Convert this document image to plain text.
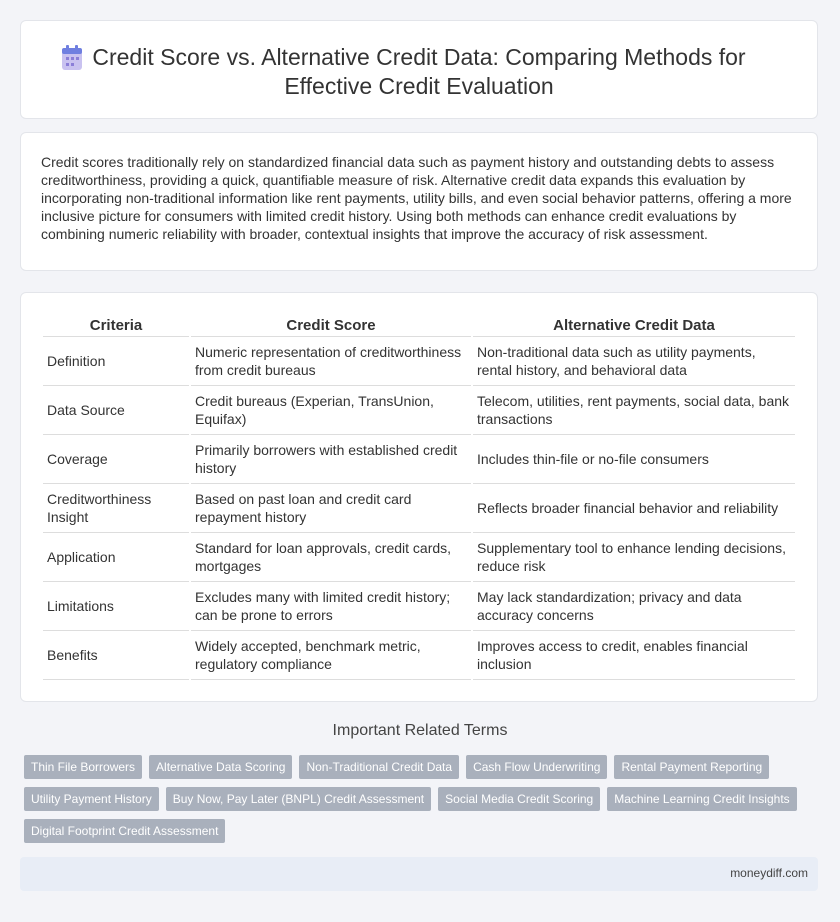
Credit Score vs. Alternative Credit Data: Comparing Methods for
Effective Credit Evaluation

Credit scores traditionally rely on standardized financial data such as payment history and outstanding debts to assess creditworthiness, providing a quick, quantifiable measure of risk. Alternative credit data expands this evaluation by incorporating non-traditional information like rent payments, utility bills, and even social behavior patterns, offering a more inclusive picture for consumers with limited credit history. Using both methods can enhance credit evaluations by combining numeric reliability with broader, contextual insights that improve the accuracy of risk assessment.

Criteria	Credit Score	Alternative Credit Data
Definition	Numeric representation of creditworthiness from credit bureaus	Non-traditional data such as utility payments, rental history, and behavioral data
Data Source	Credit bureaus (Experian, TransUnion, Equifax)	Telecom, utilities, rent payments, social data, bank transactions
Coverage	Primarily borrowers with established credit history	Includes thin-file or no-file consumers
Creditworthiness Insight	Based on past loan and credit card repayment history	Reflects broader financial behavior and reliability
Application	Standard for loan approvals, credit cards, mortgages	Supplementary tool to enhance lending decisions, reduce risk
Limitations	Excludes many with limited credit history; can be prone to errors	May lack standardization; privacy and data accuracy concerns
Benefits	Widely accepted, benchmark metric, regulatory compliance	Improves access to credit, enables financial inclusion
Important Related Terms
Thin File Borrowers	Alternative Data Scoring	Non-Traditional Credit Data	Cash Flow Underwriting	Rental Payment Reporting
Utility Payment History	Buy Now, Pay Later (BNPL) Credit Assessment	Social Media Credit Scoring	Machine Learning Credit Insights
Digital Footprint Credit Assessment
moneydiff.com
